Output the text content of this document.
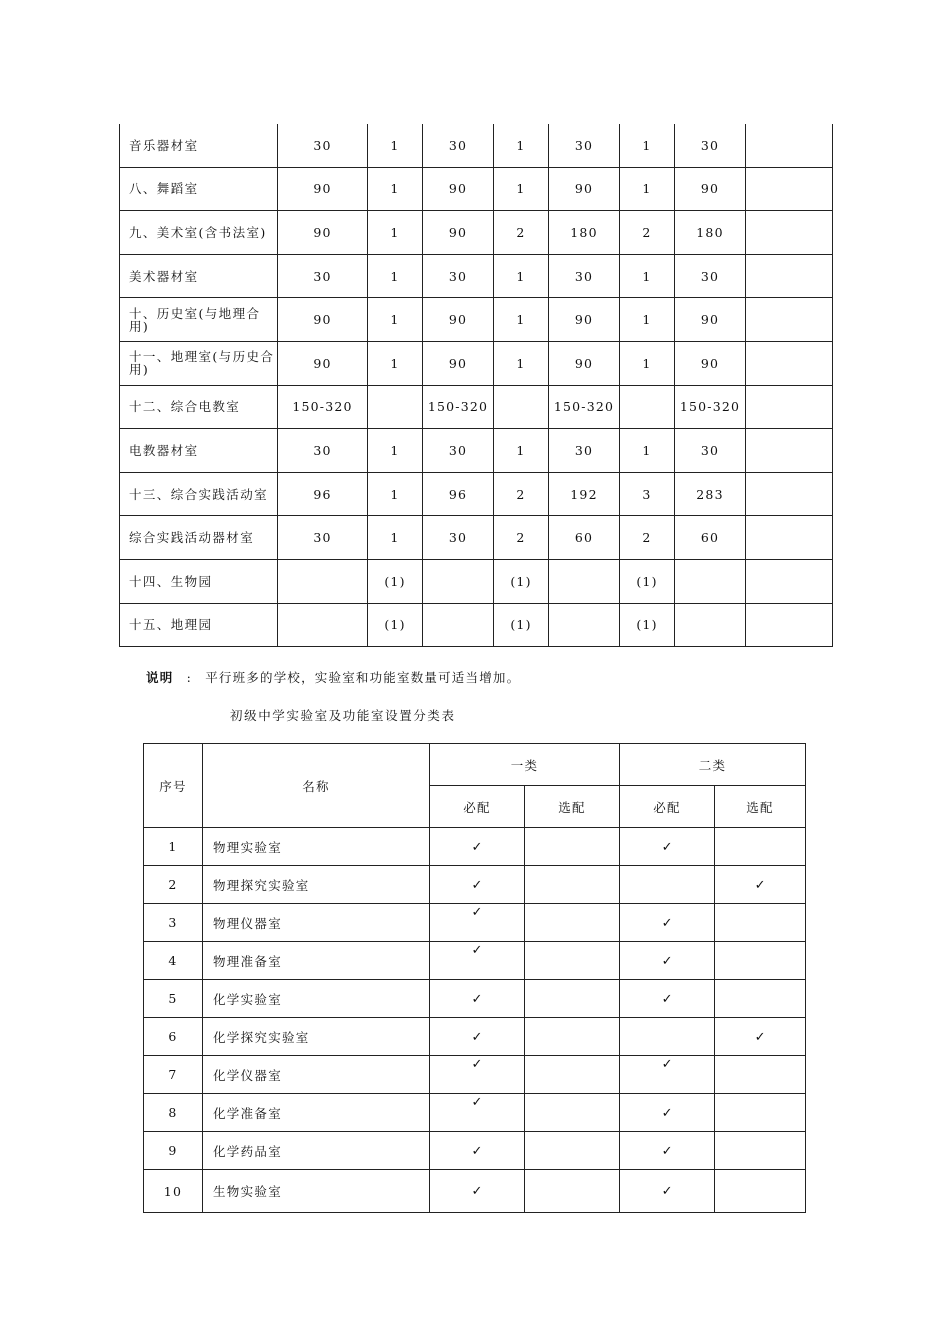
音乐器材室	30	1	30	1	30	1	30	
八、舞蹈室	90	1	90	1	90	1	90	
九、美术室(含书法室)	90	1	90	2	180	2	180	
美术器材室	30	1	30	1	30	1	30	
十、历史室(与地理合用)	90	1	90	1	90	1	90	
十一、地理室(与历史合用)	90	1	90	1	90	1	90	
十二、综合电教室	150-320		150-320		150-320		150-320	
电教器材室	30	1	30	1	30	1	30	
十三、综合实践活动室	96	1	96	2	192	3	283	
综合实践活动器材室	30	1	30	2	60	2	60	
十四、生物园		(1)		(1)		(1)		
十五、地理园		(1)		(1)		(1)		
说明 : 平行班多的学校，实验室和功能室数量可适当增加。
初级中学实验室及功能室设置分类表
序号	名称	一类		二类	
		必配	选配	必配	选配
1	物理实验室	✓		✓	
2	物理探究实验室	✓			✓
3	物理仪器室	✓		✓	
4	物理准备室	✓		✓	
5	化学实验室	✓		✓	
6	化学探究实验室	✓			✓
7	化学仪器室	✓		✓	
8	化学准备室	✓		✓	
9	化学药品室	✓		✓	
10	生物实验室	✓		✓	
